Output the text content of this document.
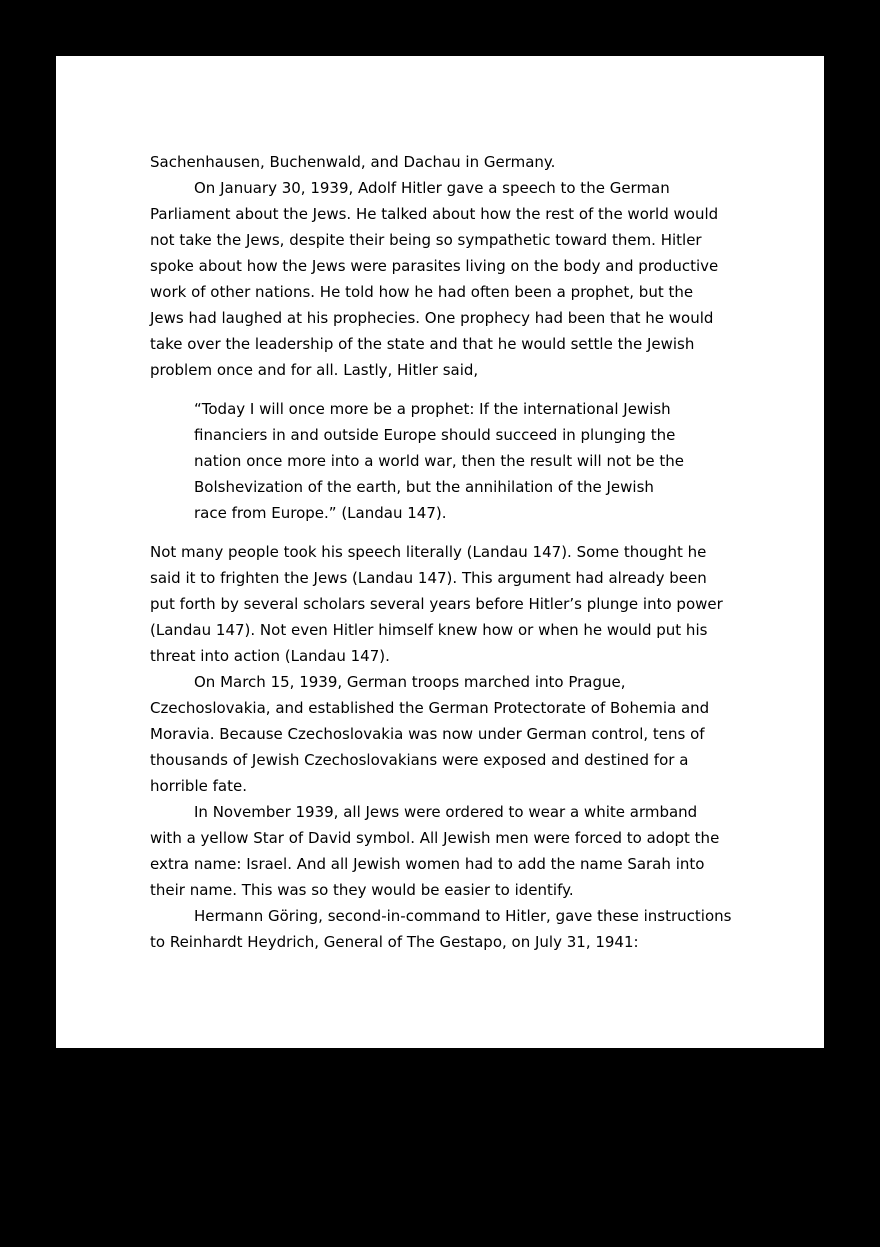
Sachenhausen, Buchenwald, and Dachau in Germany.
On January 30, 1939, Adolf Hitler gave a speech to the German
Parliament about the Jews. He talked about how the rest of the world would
not take the Jews, despite their being so sympathetic toward them. Hitler
spoke about how the Jews were parasites living on the body and productive
work of other nations. He told how he had often been a prophet, but the
Jews had laughed at his prophecies. One prophecy had been that he would
take over the leadership of the state and that he would settle the Jewish
problem once and for all. Lastly, Hitler said,
“Today I will once more be a prophet: If the international Jewish
financiers in and outside Europe should succeed in plunging the
nation once more into a world war, then the result will not be the
Bolshevization of the earth, but the annihilation of the Jewish
race from Europe.” (Landau 147).
Not many people took his speech literally (Landau 147). Some thought he
said it to frighten the Jews (Landau 147). This argument had already been
put forth by several scholars several years before Hitler’s plunge into power
(Landau 147). Not even Hitler himself knew how or when he would put his
threat into action (Landau 147).
On March 15, 1939, German troops marched into Prague,
Czechoslovakia, and established the German Protectorate of Bohemia and
Moravia. Because Czechoslovakia was now under German control, tens of
thousands of Jewish Czechoslovakians were exposed and destined for a
horrible fate.
In November 1939, all Jews were ordered to wear a white armband
with a yellow Star of David symbol. All Jewish men were forced to adopt the
extra name: Israel. And all Jewish women had to add the name Sarah into
their name. This was so they would be easier to identify.
Hermann Göring, second-in-command to Hitler, gave these instructions
to Reinhardt Heydrich, General of The Gestapo, on July 31, 1941:
